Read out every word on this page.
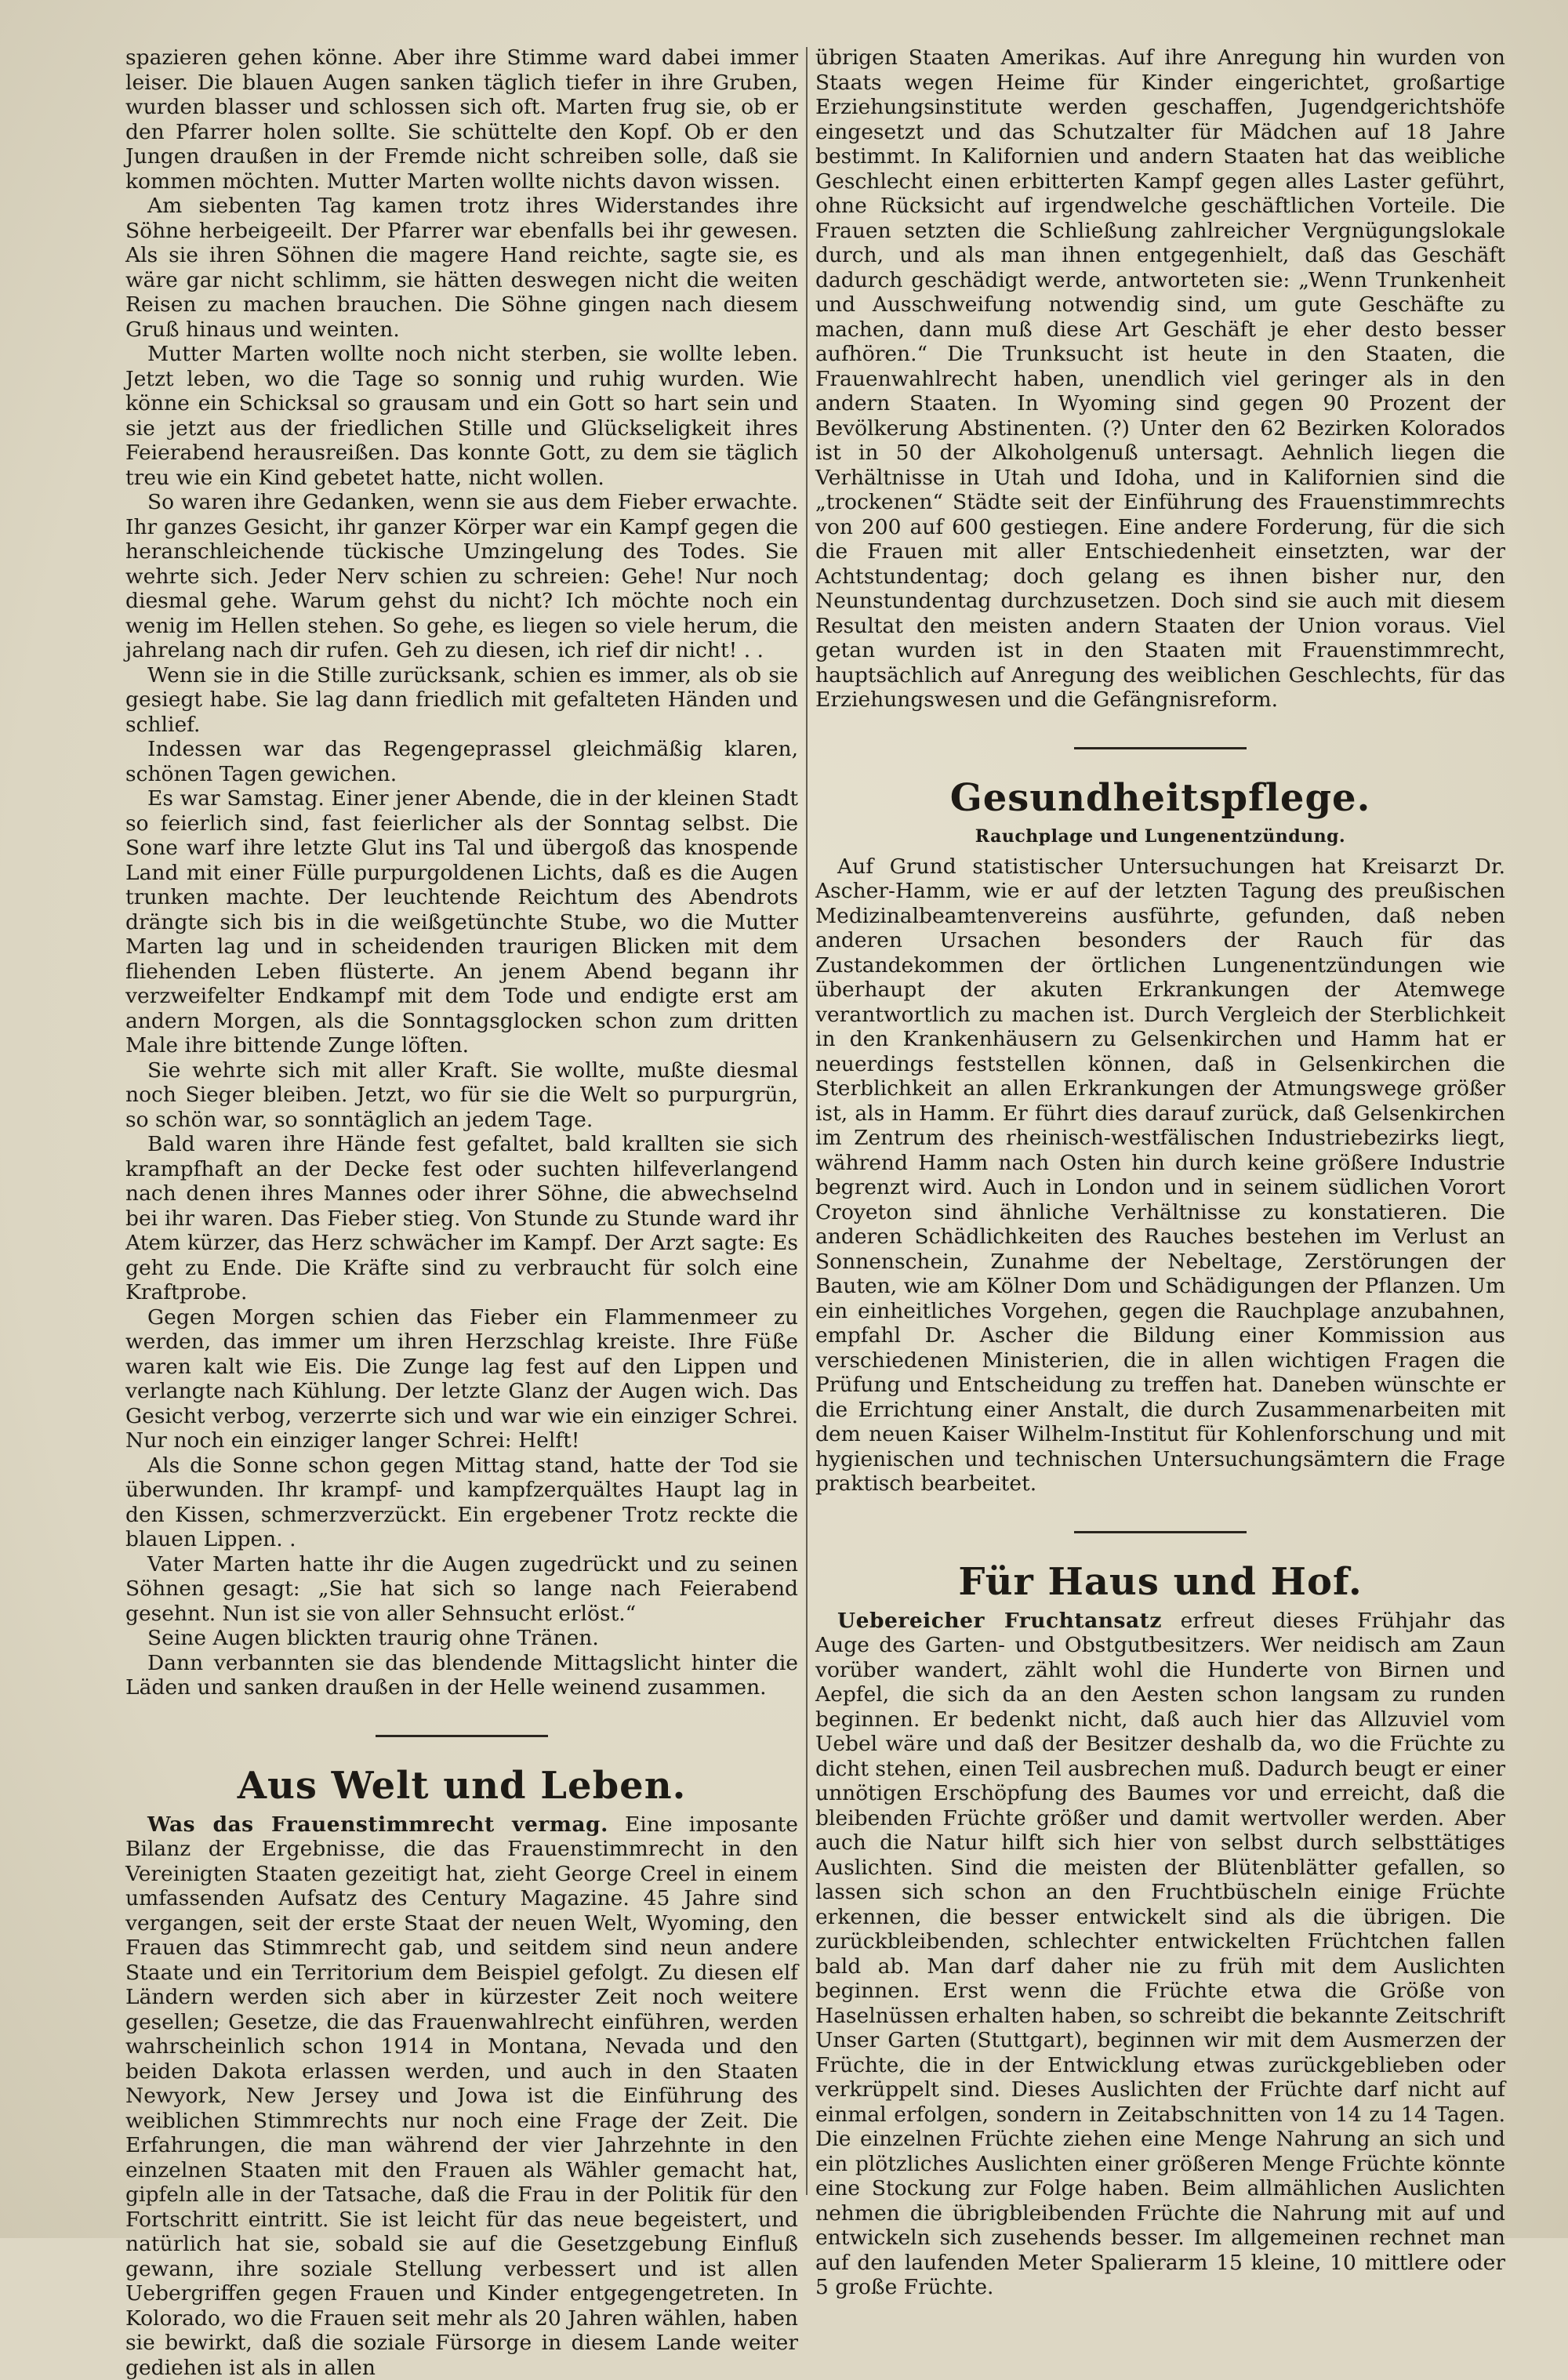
spazieren gehen könne. Aber ihre Stimme ward dabei immer leiser. Die blauen Augen sanken täglich tiefer in ihre Gruben, wurden blasser und schlossen sich oft. Marten frug sie, ob er den Pfarrer holen sollte. Sie schüttelte den Kopf. Ob er den Jungen draußen in der Fremde nicht schreiben solle, daß sie kommen möchten. Mutter Marten wollte nichts davon wissen.

Am siebenten Tag kamen trotz ihres Widerstandes ihre Söhne herbeigeeilt. Der Pfarrer war ebenfalls bei ihr gewesen. Als sie ihren Söhnen die magere Hand reichte, sagte sie, es wäre gar nicht schlimm, sie hätten deswegen nicht die weiten Reisen zu machen brauchen. Die Söhne gingen nach diesem Gruß hinaus und weinten.

Mutter Marten wollte noch nicht sterben, sie wollte leben. Jetzt leben, wo die Tage so sonnig und ruhig wurden. Wie könne ein Schicksal so grausam und ein Gott so hart sein und sie jetzt aus der friedlichen Stille und Glückseligkeit ihres Feierabend herausreißen. Das konnte Gott, zu dem sie täglich treu wie ein Kind gebetet hatte, nicht wollen.

So waren ihre Gedanken, wenn sie aus dem Fieber erwachte. Ihr ganzes Gesicht, ihr ganzer Körper war ein Kampf gegen die heranschleichende tückische Umzingelung des Todes. Sie wehrte sich. Jeder Nerv schien zu schreien: Gehe! Nur noch diesmal gehe. Warum gehst du nicht? Ich möchte noch ein wenig im Hellen stehen. So gehe, es liegen so viele herum, die jahrelang nach dir rufen. Geh zu diesen, ich rief dir nicht! . .

Wenn sie in die Stille zurücksank, schien es immer, als ob sie gesiegt habe. Sie lag dann friedlich mit gefalteten Händen und schlief.

Indessen war das Regengeprassel gleichmäßig klaren, schönen Tagen gewichen.

Es war Samstag. Einer jener Abende, die in der kleinen Stadt so feierlich sind, fast feierlicher als der Sonntag selbst. Die Sone warf ihre letzte Glut ins Tal und übergoß das knospende Land mit einer Fülle purpurgoldenen Lichts, daß es die Augen trunken machte. Der leuchtende Reichtum des Abendrots drängte sich bis in die weißgetünchte Stube, wo die Mutter Marten lag und in scheidenden traurigen Blicken mit dem fliehenden Leben flüsterte. An jenem Abend begann ihr verzweifelter Endkampf mit dem Tode und endigte erst am andern Morgen, als die Sonntagsglocken schon zum dritten Male ihre bittende Zunge löften.

Sie wehrte sich mit aller Kraft. Sie wollte, mußte diesmal noch Sieger bleiben. Jetzt, wo für sie die Welt so purpurgrün, so schön war, so sonntäglich an jedem Tage.

Bald waren ihre Hände fest gefaltet, bald krallten sie sich krampfhaft an der Decke fest oder suchten hilfeverlangend nach denen ihres Mannes oder ihrer Söhne, die abwechselnd bei ihr waren. Das Fieber stieg. Von Stunde zu Stunde ward ihr Atem kürzer, das Herz schwächer im Kampf. Der Arzt sagte: Es geht zu Ende. Die Kräfte sind zu verbraucht für solch eine Kraftprobe.

Gegen Morgen schien das Fieber ein Flammenmeer zu werden, das immer um ihren Herzschlag kreiste. Ihre Füße waren kalt wie Eis. Die Zunge lag fest auf den Lippen und verlangte nach Kühlung. Der letzte Glanz der Augen wich. Das Gesicht verbog, verzerrte sich und war wie ein einziger Schrei. Nur noch ein einziger langer Schrei: Helft!

Als die Sonne schon gegen Mittag stand, hatte der Tod sie überwunden. Ihr krampf- und kampfzerquältes Haupt lag in den Kissen, schmerzverzückt. Ein ergebener Trotz reckte die blauen Lippen. .

Vater Marten hatte ihr die Augen zugedrückt und zu seinen Söhnen gesagt: „Sie hat sich so lange nach Feierabend gesehnt. Nun ist sie von aller Sehnsucht erlöst.“

Seine Augen blickten traurig ohne Tränen.

Dann verbannten sie das blendende Mittagslicht hinter die Läden und sanken draußen in der Helle weinend zusammen.

Aus Welt und Leben.

Was das Frauenstimmrecht vermag. Eine imposante Bilanz der Ergebnisse, die das Frauenstimmrecht in den Vereinigten Staaten gezeitigt hat, zieht George Creel in einem umfassenden Aufsatz des Century Magazine. 45 Jahre sind vergangen, seit der erste Staat der neuen Welt, Wyoming, den Frauen das Stimmrecht gab, und seitdem sind neun andere Staate und ein Territorium dem Beispiel gefolgt. Zu diesen elf Ländern werden sich aber in kürzester Zeit noch weitere gesellen; Gesetze, die das Frauenwahlrecht einführen, werden wahrscheinlich schon 1914 in Montana, Nevada und den beiden Dakota erlassen werden, und auch in den Staaten Newyork, New Jersey und Jowa ist die Einführung des weiblichen Stimmrechts nur noch eine Frage der Zeit. Die Erfahrungen, die man während der vier Jahrzehnte in den einzelnen Staaten mit den Frauen als Wähler gemacht hat, gipfeln alle in der Tatsache, daß die Frau in der Politik für den Fortschritt eintritt. Sie ist leicht für das neue begeistert, und natürlich hat sie, sobald sie auf die Gesetzgebung Einfluß gewann, ihre soziale Stellung verbessert und ist allen Uebergriffen gegen Frauen und Kinder entgegengetreten. In Kolorado, wo die Frauen seit mehr als 20 Jahren wählen, haben sie bewirkt, daß die soziale Fürsorge in diesem Lande weiter gediehen ist als in allen

übrigen Staaten Amerikas. Auf ihre Anregung hin wurden von Staats wegen Heime für Kinder eingerichtet, großartige Erziehungsinstitute werden geschaffen, Jugendgerichtshöfe eingesetzt und das Schutzalter für Mädchen auf 18 Jahre bestimmt. In Kalifornien und andern Staaten hat das weibliche Geschlecht einen erbitterten Kampf gegen alles Laster geführt, ohne Rücksicht auf irgendwelche geschäftlichen Vorteile. Die Frauen setzten die Schließung zahlreicher Vergnügungslokale durch, und als man ihnen entgegenhielt, daß das Geschäft dadurch geschädigt werde, antworteten sie: „Wenn Trunkenheit und Ausschweifung notwendig sind, um gute Geschäfte zu machen, dann muß diese Art Geschäft je eher desto besser aufhören.“ Die Trunksucht ist heute in den Staaten, die Frauenwahlrecht haben, unendlich viel geringer als in den andern Staaten. In Wyoming sind gegen 90 Prozent der Bevölkerung Abstinenten. (?) Unter den 62 Bezirken Kolorados ist in 50 der Alkoholgenuß untersagt. Aehnlich liegen die Verhältnisse in Utah und Idoha, und in Kalifornien sind die „trockenen“ Städte seit der Einführung des Frauenstimmrechts von 200 auf 600 gestiegen. Eine andere Forderung, für die sich die Frauen mit aller Entschiedenheit einsetzten, war der Achtstundentag; doch gelang es ihnen bisher nur, den Neunstundentag durchzusetzen. Doch sind sie auch mit diesem Resultat den meisten andern Staaten der Union voraus. Viel getan wurden ist in den Staaten mit Frauenstimmrecht, hauptsächlich auf Anregung des weiblichen Geschlechts, für das Erziehungswesen und die Gefängnisreform.

Gesundheitspflege.
Rauchplage und Lungenentzündung.

Auf Grund statistischer Untersuchungen hat Kreisarzt Dr. Ascher-Hamm, wie er auf der letzten Tagung des preußischen Medizinalbeamtenvereins ausführte, gefunden, daß neben anderen Ursachen besonders der Rauch für das Zustandekommen der örtlichen Lungenentzündungen wie überhaupt der akuten Erkrankungen der Atemwege verantwortlich zu machen ist. Durch Vergleich der Sterblichkeit in den Krankenhäusern zu Gelsenkirchen und Hamm hat er neuerdings feststellen können, daß in Gelsenkirchen die Sterblichkeit an allen Erkrankungen der Atmungswege größer ist, als in Hamm. Er führt dies darauf zurück, daß Gelsenkirchen im Zentrum des rheinisch-westfälischen Industriebezirks liegt, während Hamm nach Osten hin durch keine größere Industrie begrenzt wird. Auch in London und in seinem südlichen Vorort Croyeton sind ähnliche Verhältnisse zu konstatieren. Die anderen Schädlichkeiten des Rauches bestehen im Verlust an Sonnenschein, Zunahme der Nebeltage, Zerstörungen der Bauten, wie am Kölner Dom und Schädigungen der Pflanzen. Um ein einheitliches Vorgehen, gegen die Rauchplage anzubahnen, empfahl Dr. Ascher die Bildung einer Kommission aus verschiedenen Ministerien, die in allen wichtigen Fragen die Prüfung und Entscheidung zu treffen hat. Daneben wünschte er die Errichtung einer Anstalt, die durch Zusammenarbeiten mit dem neuen Kaiser Wilhelm-Institut für Kohlenforschung und mit hygienischen und technischen Untersuchungsämtern die Frage praktisch bearbeitet.

Für Haus und Hof.

Uebereicher Fruchtansatz erfreut dieses Frühjahr das Auge des Garten- und Obstgutbesitzers. Wer neidisch am Zaun vorüber wandert, zählt wohl die Hunderte von Birnen und Aepfel, die sich da an den Aesten schon langsam zu runden beginnen. Er bedenkt nicht, daß auch hier das Allzuviel vom Uebel wäre und daß der Besitzer deshalb da, wo die Früchte zu dicht stehen, einen Teil ausbrechen muß. Dadurch beugt er einer unnötigen Erschöpfung des Baumes vor und erreicht, daß die bleibenden Früchte größer und damit wertvoller werden. Aber auch die Natur hilft sich hier von selbst durch selbsttätiges Auslichten. Sind die meisten der Blütenblätter gefallen, so lassen sich schon an den Fruchtbüscheln einige Früchte erkennen, die besser entwickelt sind als die übrigen. Die zurückbleibenden, schlechter entwickelten Früchtchen fallen bald ab. Man darf daher nie zu früh mit dem Auslichten beginnen. Erst wenn die Früchte etwa die Größe von Haselnüssen erhalten haben, so schreibt die bekannte Zeitschrift Unser Garten (Stuttgart), beginnen wir mit dem Ausmerzen der Früchte, die in der Entwicklung etwas zurückgeblieben oder verkrüppelt sind. Dieses Auslichten der Früchte darf nicht auf einmal erfolgen, sondern in Zeitabschnitten von 14 zu 14 Tagen. Die einzelnen Früchte ziehen eine Menge Nahrung an sich und ein plötzliches Auslichten einer größeren Menge Früchte könnte eine Stockung zur Folge haben. Beim allmählichen Auslichten nehmen die übrigbleibenden Früchte die Nahrung mit auf und entwickeln sich zusehends besser. Im allgemeinen rechnet man auf den laufenden Meter Spalierarm 15 kleine, 10 mittlere oder 5 große Früchte.
